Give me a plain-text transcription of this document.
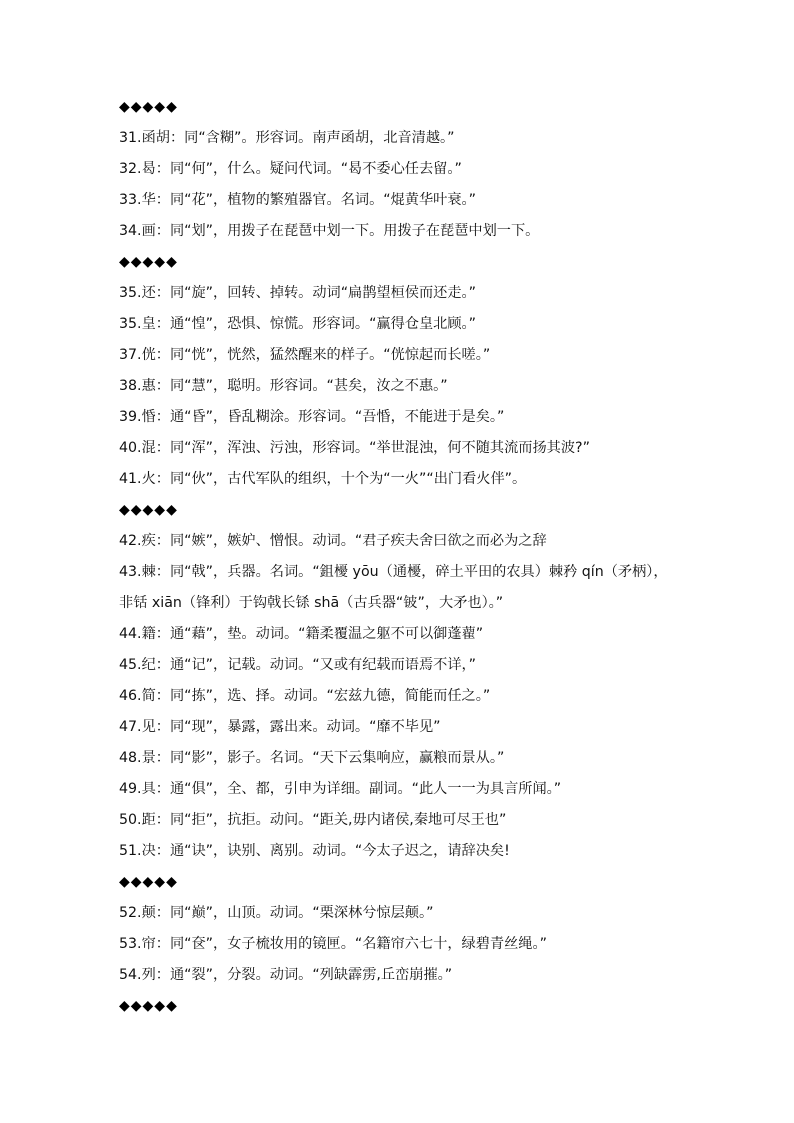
◆◆◆◆◆
31.函胡：同“含糊”。形容词。南声函胡，北音清越。”
32.曷：同“何”，什么。疑问代词。“曷不委心任去留。”
33.华：同“花”，植物的繁殖器官。名词。“焜黄华叶衰。”
34.画：同“划”，用拨子在琵琶中划一下。用拨子在琵琶中划一下。
◆◆◆◆◆
35.还：同“旋”，回转、掉转。动词“扁鹊望桓侯而还走。”
35.皇：通“惶”，恐惧、惊慌。形容词。“赢得仓皇北顾。”
37.侊：同“恍”，恍然，猛然醒来的样子。“侊惊起而长嗟。”
38.惠：同“慧”，聪明。形容词。“甚矣，汝之不惠。”
39.惛：通“昏”，昏乱糊涂。形容词。“吾惛，不能进于是矣。”
40.混：同“浑”，浑浊、污浊，形容词。“举世混浊，何不随其流而扬其波?”
41.火：同“伙”，古代军队的组织，十个为“一火”“出门看火伴”。
◆◆◆◆◆
42.疾：同“嫉”，嫉妒、憎恨。动词。“君子疾夫舍曰欲之而必为之辞
43.棘：同“戟”，兵器。名词。“鉏櫌 yōu（通櫌，碎土平田的农具）棘矜 qín（矛柄），非铦 xiān（锋利）于钩戟长铩 shā（古兵器“铍”，大矛也）。”
44.籍：通“藉”，垫。动词。“籍柔覆温之躯不可以御蓬藋”
45.纪：通“记”，记载。动词。“又或有纪载而语焉不详，”
46.简：同“拣”，选、择。动词。“宏兹九德，简能而任之。”
47.见：同“现”，暴露，露出来。动词。“靡不毕见”
48.景：同“影”，影子。名词。“天下云集响应，赢粮而景从。”
49.具：通“俱”，全、都，引申为详细。副词。“此人一一为具言所闻。”
50.距：同“拒”，抗拒。动问。“距关,毋内诸侯,秦地可尽王也”
51.决：通“诀”，诀别、离别。动词。“今太子迟之，请辞决矣!
◆◆◆◆◆
52.颠：同“巅”，山顶。动词。“栗深林兮惊层颠。”
53.帘：同“奁”，女子梳妆用的镜匣。“名籍帘六七十，绿碧青丝绳。”
54.列：通“裂”，分裂。动词。“列缺霹雳,丘峦崩摧。”
◆◆◆◆◆
